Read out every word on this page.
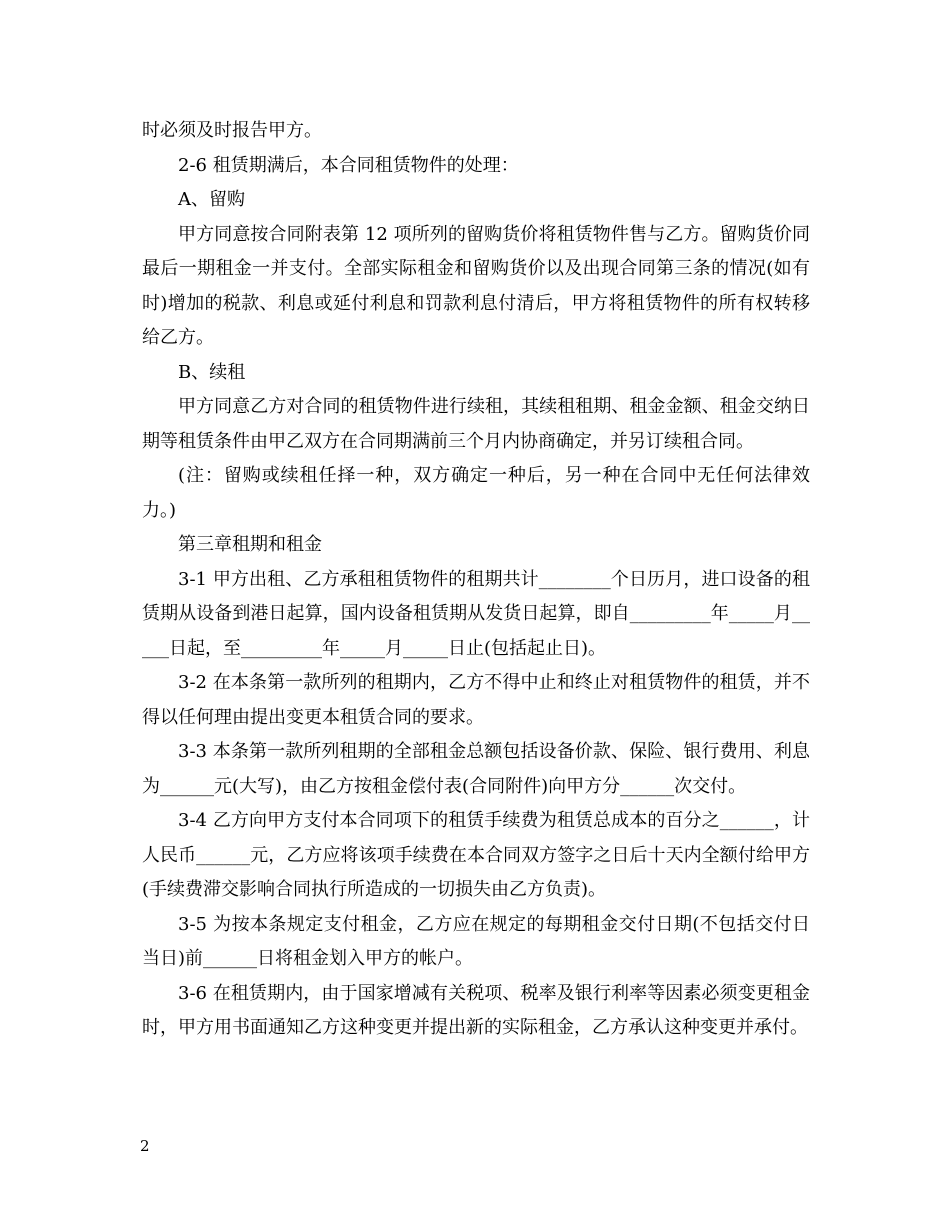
时必须及时报告甲方。

2-6 租赁期满后，本合同租赁物件的处理：

A、留购

甲方同意按合同附表第 12 项所列的留购货价将租赁物件售与乙方。留购货价同最后一期租金一并支付。全部实际租金和留购货价以及出现合同第三条的情况(如有时)增加的税款、利息或延付利息和罚款利息付清后，甲方将租赁物件的所有权转移给乙方。

B、续租

甲方同意乙方对合同的租赁物件进行续租，其续租租期、租金金额、租金交纳日期等租赁条件由甲乙双方在合同期满前三个月内协商确定，并另订续租合同。

(注：留购或续租任择一种，双方确定一种后，另一种在合同中无任何法律效力。)

第三章租期和租金

3-1 甲方出租、乙方承租租赁物件的租期共计________个日历月，进口设备的租赁期从设备到港日起算，国内设备租赁期从发货日起算，即自_________年_____月_____日起，至_________年_____月_____日止(包括起止日)。

3-2 在本条第一款所列的租期内，乙方不得中止和终止对租赁物件的租赁，并不得以任何理由提出变更本租赁合同的要求。

3-3 本条第一款所列租期的全部租金总额包括设备价款、保险、银行费用、利息为______元(大写)，由乙方按租金偿付表(合同附件)向甲方分______次交付。

3-4 乙方向甲方支付本合同项下的租赁手续费为租赁总成本的百分之______，计人民币______元，乙方应将该项手续费在本合同双方签字之日后十天内全额付给甲方(手续费滞交影响合同执行所造成的一切损失由乙方负责)。

3-5 为按本条规定支付租金，乙方应在规定的每期租金交付日期(不包括交付日当日)前______日将租金划入甲方的帐户。

3-6 在租赁期内，由于国家增减有关税项、税率及银行利率等因素必须变更租金时，甲方用书面通知乙方这种变更并提出新的实际租金，乙方承认这种变更并承付。

2
